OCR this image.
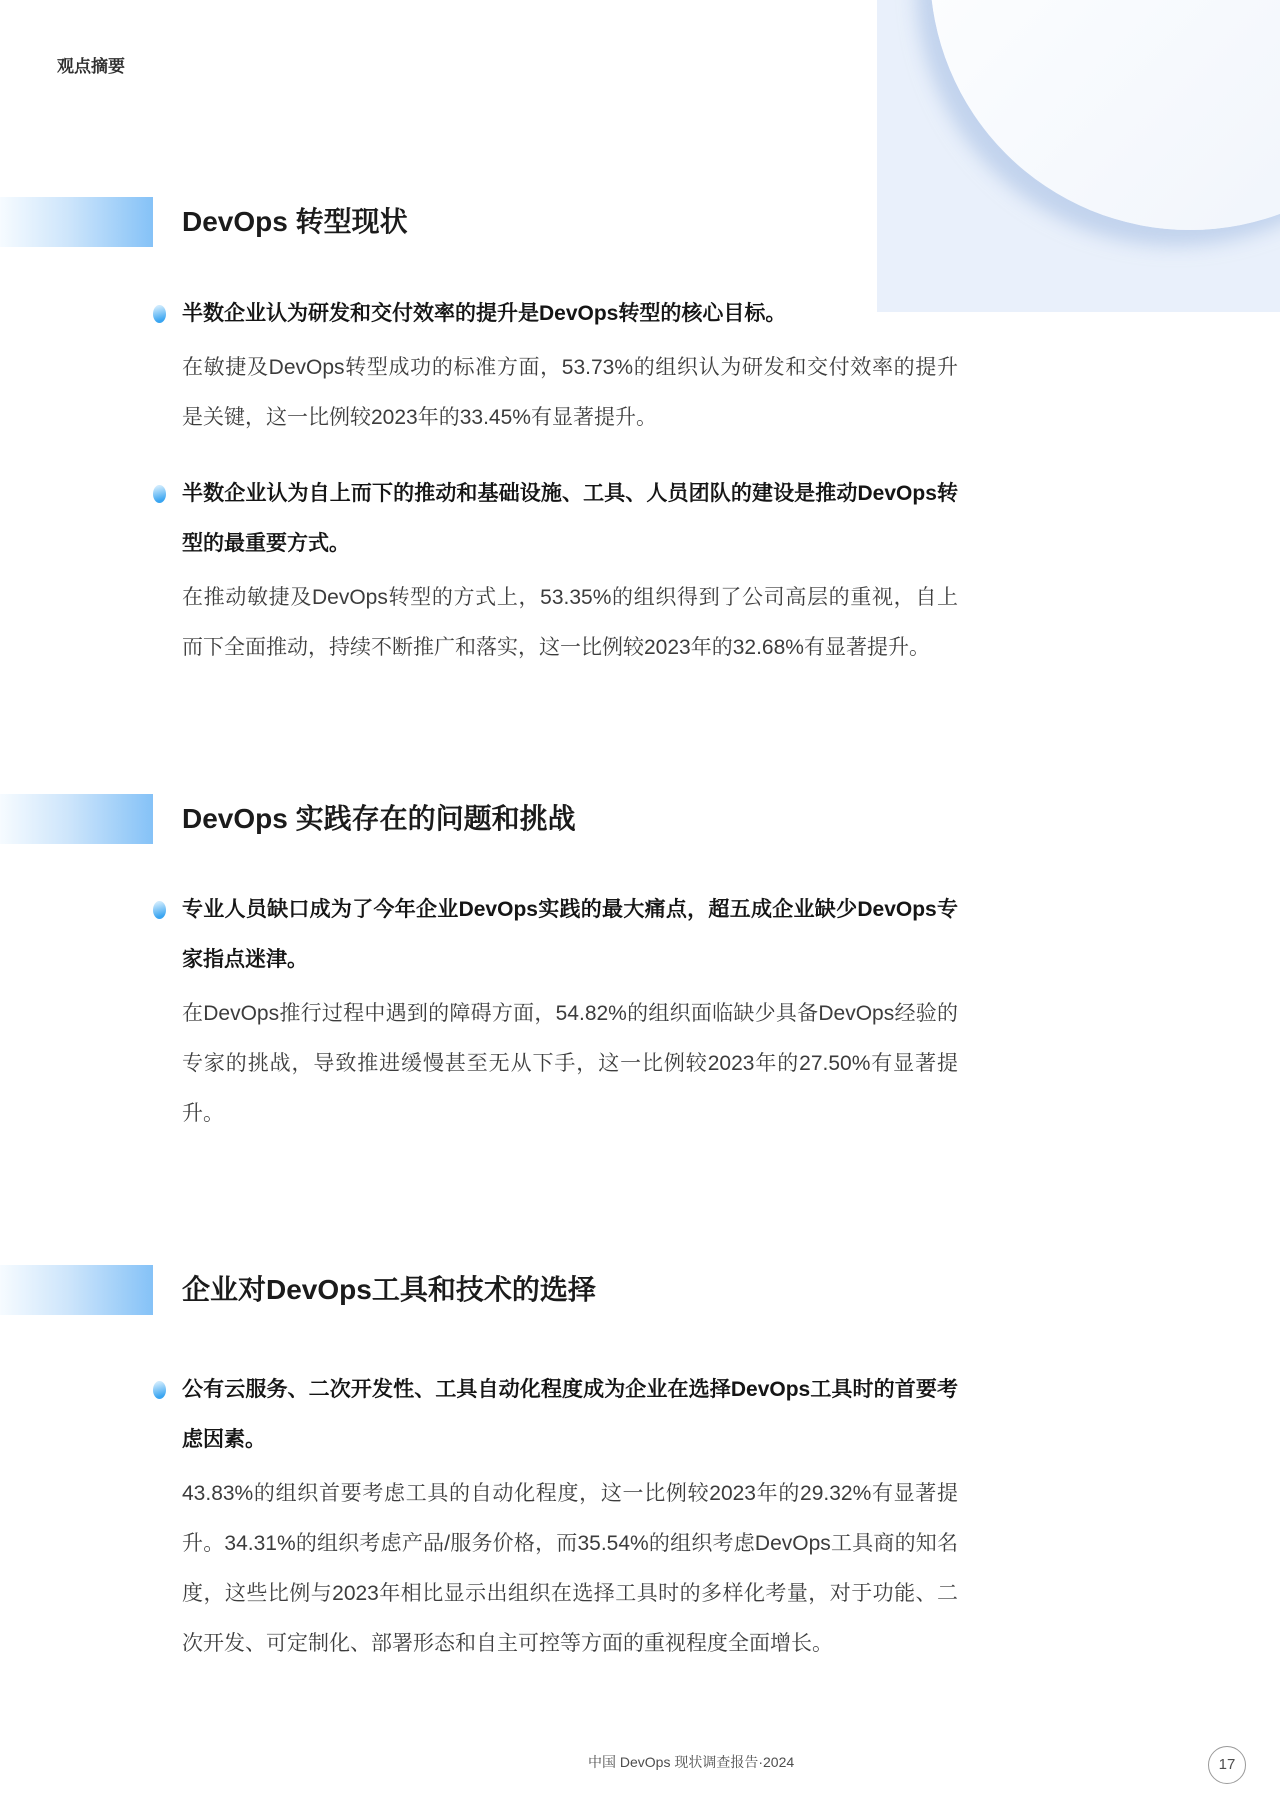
观点摘要
DevOps 转型现状
半数企业认为研发和交付效率的提升是DevOps转型的核心目标。
在敏捷及DevOps转型成功的标准方面，53.73%的组织认为研发和交付效率的提升是关键，这一比例较2023年的33.45%有显著提升。
半数企业认为自上而下的推动和基础设施、工具、人员团队的建设是推动DevOps转型的最重要方式。
在推动敏捷及DevOps转型的方式上，53.35%的组织得到了公司高层的重视，自上而下全面推动，持续不断推广和落实，这一比例较2023年的32.68%有显著提升。
DevOps 实践存在的问题和挑战
专业人员缺口成为了今年企业DevOps实践的最大痛点，超五成企业缺少DevOps专家指点迷津。
在DevOps推行过程中遇到的障碍方面，54.82%的组织面临缺少具备DevOps经验的专家的挑战，导致推进缓慢甚至无从下手，这一比例较2023年的27.50%有显著提升。
企业对DevOps工具和技术的选择
公有云服务、二次开发性、工具自动化程度成为企业在选择DevOps工具时的首要考虑因素。
43.83%的组织首要考虑工具的自动化程度，这一比例较2023年的29.32%有显著提升。34.31%的组织考虑产品/服务价格，而35.54%的组织考虑DevOps工具商的知名度，这些比例与2023年相比显示出组织在选择工具时的多样化考量，对于功能、二次开发、可定制化、部署形态和自主可控等方面的重视程度全面增长。
中国 DevOps 现状调查报告·2024	17
